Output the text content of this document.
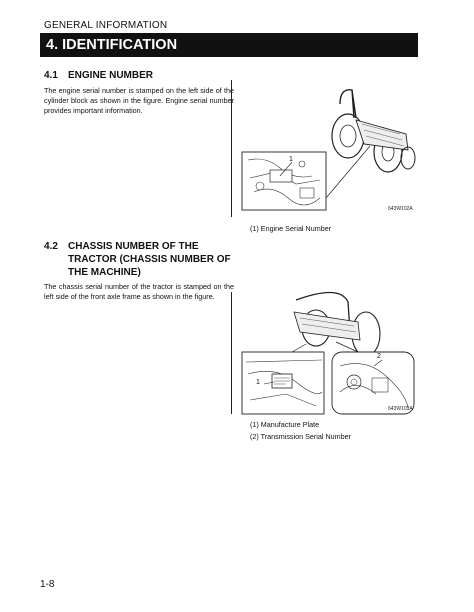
GENERAL INFORMATION
4. IDENTIFICATION
4.1 ENGINE NUMBER
The engine serial number is stamped on the left side of the cylinder block as shown in the figure. Engine serial number provides important information.
1
643W102A
(1) Engine Serial Number
4.2 CHASSIS NUMBER OF THE TRACTOR (CHASSIS NUMBER OF THE MACHINE)
The chassis serial number of the tractor is stamped on the left side of the front axle frame as shown in the figure.
1
2
643W103A
(1) Manufacture Plate
(2) Transmission Serial Number
1-8
